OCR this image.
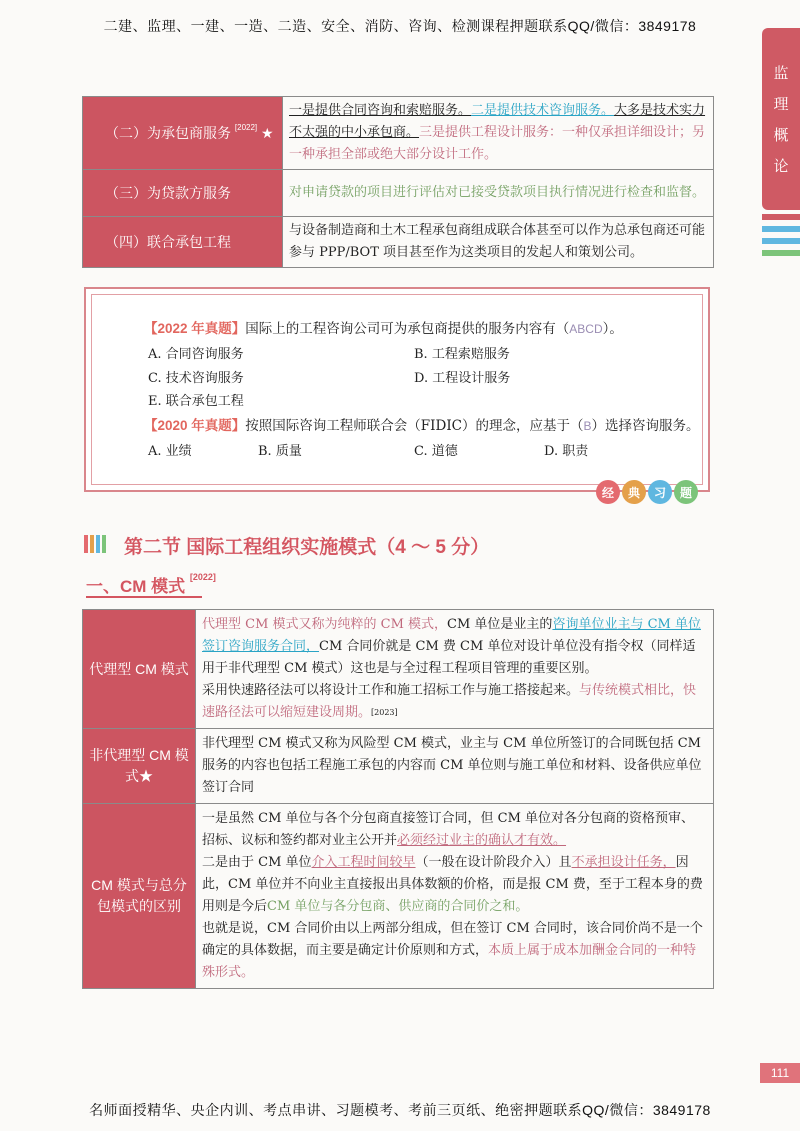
二建、监理、一建、一造、二造、安全、消防、咨询、检测课程押题联系QQ/微信：3849178
监
理
概
论
（二）为承包商服务 [2022] ★	一是提供合同咨询和索赔服务。二是提供技术咨询服务。大多是技术实力不太强的中小承包商。三是提供工程设计服务：一种仅承担详细设计；另一种承担全部或绝大部分设计工作。
（三）为贷款方服务	对申请贷款的项目进行评估对已接受贷款项目执行情况进行检查和监督。
（四）联合承包工程	与设备制造商和土木工程承包商组成联合体甚至可以作为总承包商还可能参与 PPP/BOT 项目甚至作为这类项目的发起人和策划公司。
【2022 年真题】国际上的工程咨询公司可为承包商提供的服务内容有（ABCD）。
A. 合同咨询服务	B. 工程索赔服务
C. 技术咨询服务	D. 工程设计服务
E. 联合承包工程
【2020 年真题】按照国际咨询工程师联合会（FIDIC）的理念，应基于（B）选择咨询服务。
A. 业绩	B. 质量	C. 道德	D. 职责
经	典	习	题
第二节 国际工程组织实施模式（4 ～ 5 分）
一、CM 模式 [2022]
代理型 CM 模式	代理型 CM 模式又称为纯粹的 CM 模式，CM 单位是业主的咨询单位业主与 CM 单位签订咨询服务合同，CM 合同价就是 CM 费 CM 单位对设计单位没有指令权（同样适用于非代理型 CM 模式）这也是与全过程工程项目管理的重要区别。
采用快速路径法可以将设计工作和施工招标工作与施工搭接起来。与传统模式相比，快速路径法可以缩短建设周期。[2023]
非代理型 CM 模式★	非代理型 CM 模式又称为风险型 CM 模式，业主与 CM 单位所签订的合同既包括 CM 服务的内容也包括工程施工承包的内容而 CM 单位则与施工单位和材料、设备供应单位签订合同
CM 模式与总分包模式的区别	一是虽然 CM 单位与各个分包商直接签订合同，但 CM 单位对各分包商的资格预审、招标、议标和签约都对业主公开并必须经过业主的确认才有效。
二是由于 CM 单位介入工程时间较早（一般在设计阶段介入）且不承担设计任务，因此，CM 单位并不向业主直接报出具体数额的价格，而是报 CM 费，至于工程本身的费用则是今后CM 单位与各分包商、供应商的合同价之和。
也就是说，CM 合同价由以上两部分组成，但在签订 CM 合同时，该合同价尚不是一个确定的具体数据，而主要是确定计价原则和方式，本质上属于成本加酬金合同的一种特殊形式。
111
名师面授精华、央企内训、考点串讲、习题模考、考前三页纸、绝密押题联系QQ/微信：3849178
